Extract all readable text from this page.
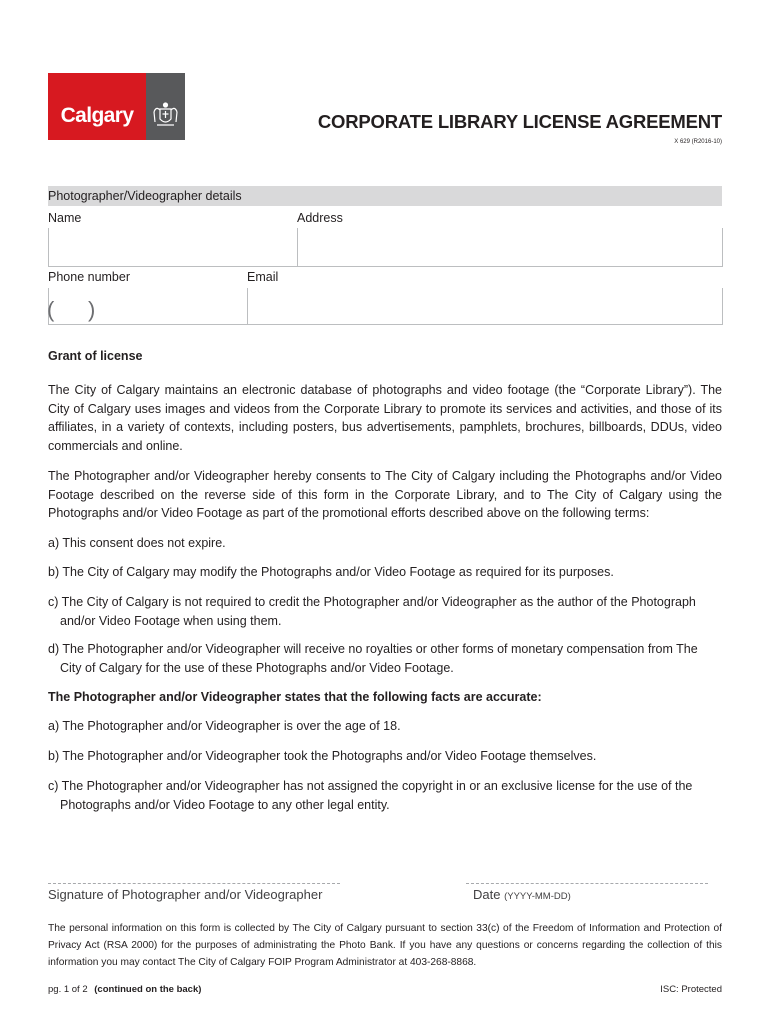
Calgary	CORPORATE LIBRARY LICENSE AGREEMENT
X 629 (R2016-10)
Photographer/Videographer details
Name	Address
Phone number	Email
( )
Grant of license
The City of Calgary maintains an electronic database of photographs and video footage (the “Corporate Library”). The City of Calgary uses images and videos from the Corporate Library to promote its services and activities, and those of its affiliates, in a variety of contexts, including posters, bus advertisements, pamphlets, brochures, billboards, DDUs, video commercials and online.
The Photographer and/or Videographer hereby consents to The City of Calgary including the Photographs and/or Video Footage described on the reverse side of this form in the Corporate Library, and to The City of Calgary using the Photographs and/or Video Footage as part of the promotional efforts described above on the following terms:
a) This consent does not expire.
b) The City of Calgary may modify the Photographs and/or Video Footage as required for its purposes.
c) The City of Calgary is not required to credit the Photographer and/or Videographer as the author of the Photograph
and/or Video Footage when using them.
d) The Photographer and/or Videographer will receive no royalties or other forms of monetary compensation from The
City of Calgary for the use of these Photographs and/or Video Footage.
The Photographer and/or Videographer states that the following facts are accurate:
a) The Photographer and/or Videographer is over the age of 18.
b) The Photographer and/or Videographer took the Photographs and/or Video Footage themselves.
c) The Photographer and/or Videographer has not assigned the copyright in or an exclusive license for the use of the
Photographs and/or Video Footage to any other legal entity.
Signature of Photographer and/or Videographer	Date (YYYY-MM-DD)
The personal information on this form is collected by The City of Calgary pursuant to section 33(c) of the Freedom of Information and Protection of Privacy Act (RSA 2000) for the purposes of administrating the Photo Bank. If you have any questions or concerns regarding the collection of this information you may contact The City of Calgary FOIP Program Administrator at 403-268-8868.
pg. 1 of 2 (continued on the back)	ISC: Protected
